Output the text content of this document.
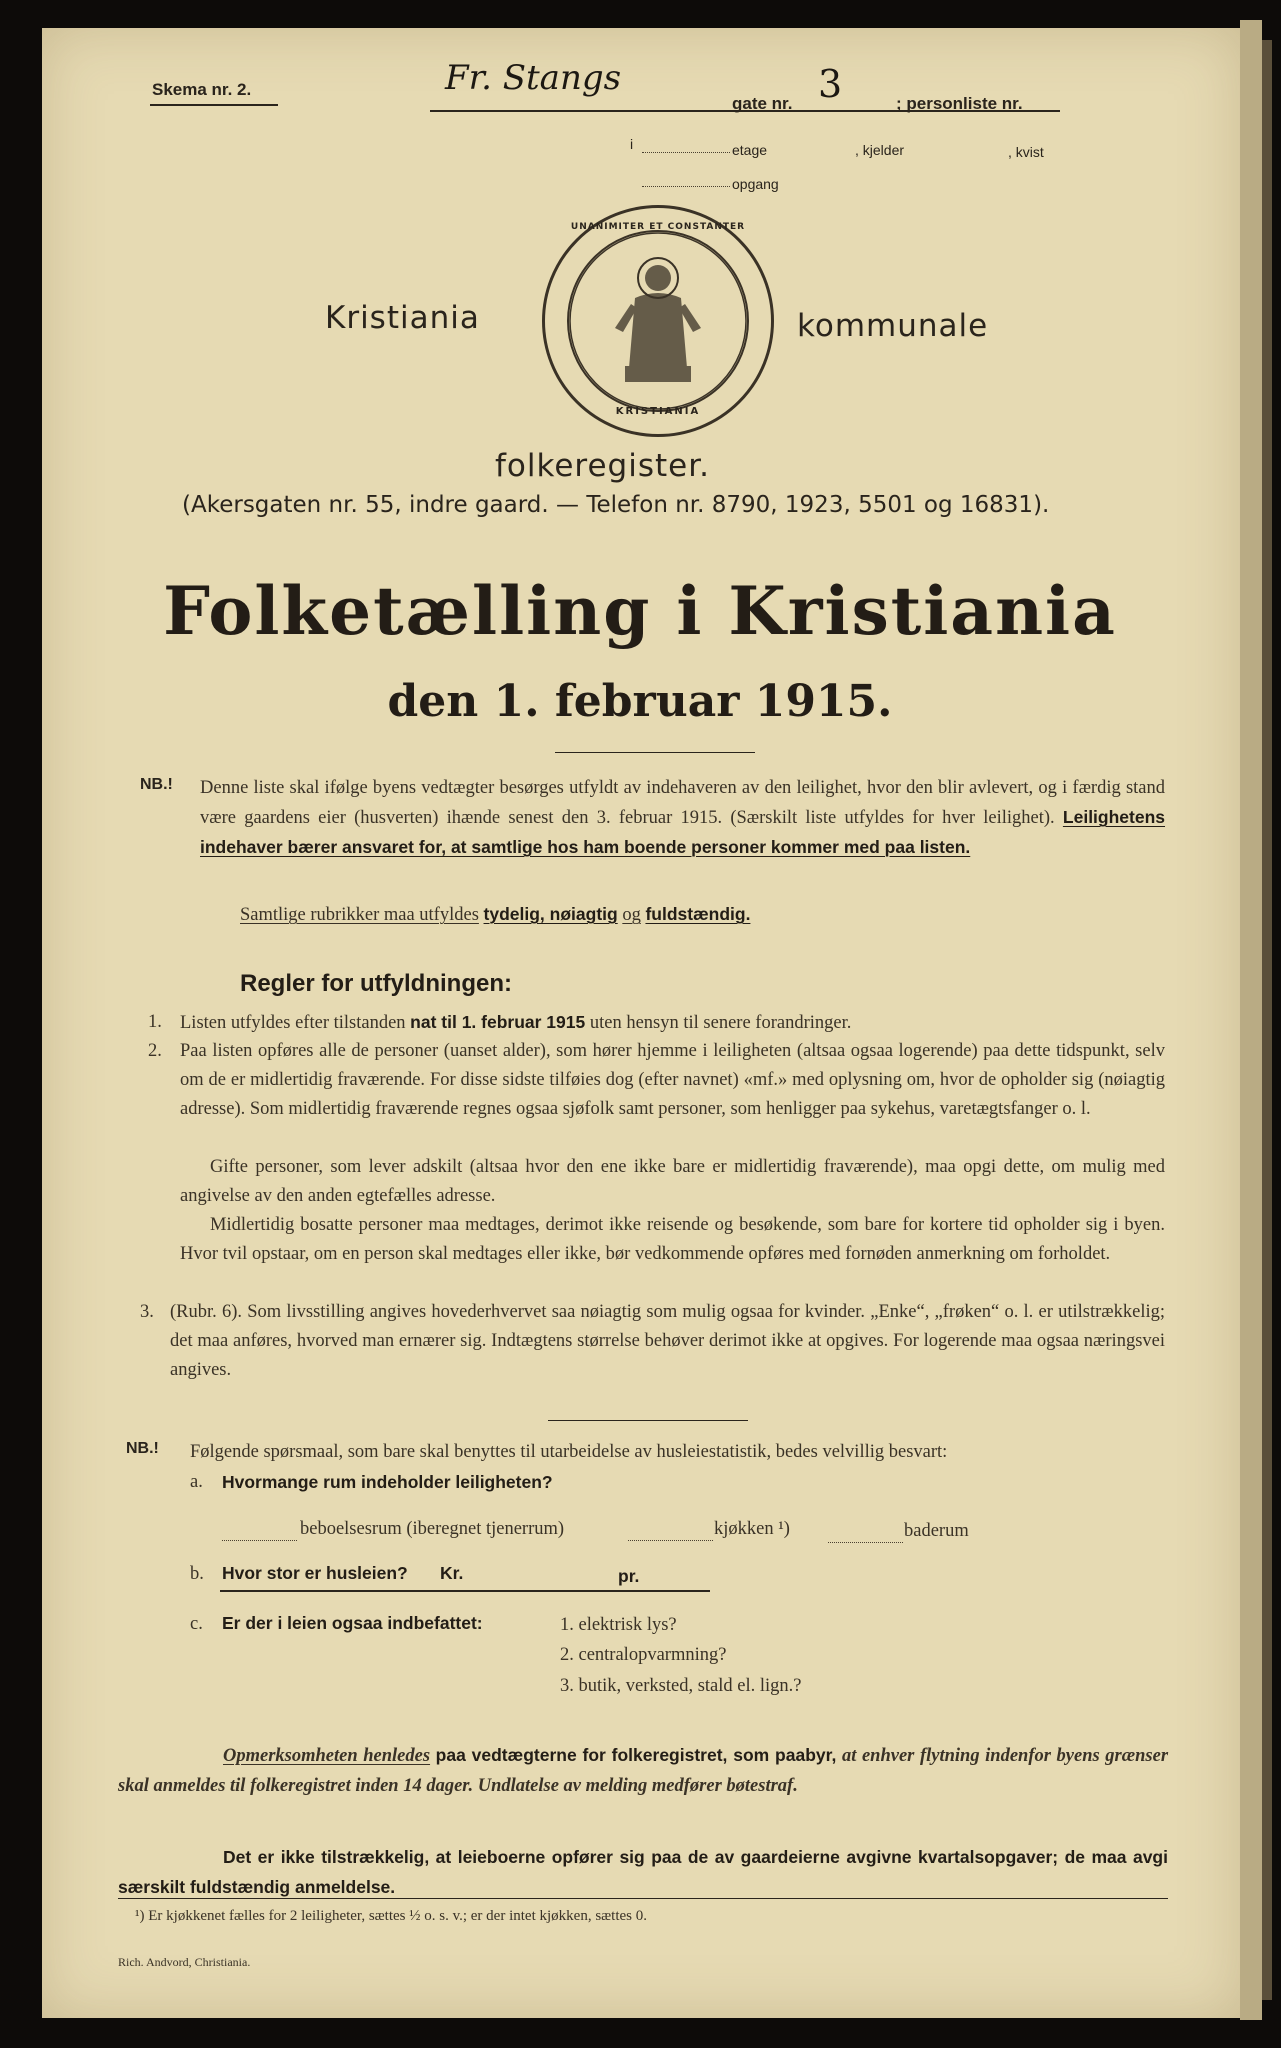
Skema nr. 2.	Fr. Stangs
gate nr. 3	; personliste nr.
i	etage	, kjelder	, kvist
opgang
Kristiania	kommunale
UNANIMITER ET CONSTANTER
KRISTIANIA
folkeregister.
(Akersgaten nr. 55, indre gaard. — Telefon nr. 8790, 1923, 5501 og 16831).
Folketælling i Kristiania
den 1. februar 1915.
NB.! Denne liste skal ifølge byens vedtægter besørges utfyldt av indehaveren av den leilighet, hvor den blir avlevert, og i færdig stand være gaardens eier (husverten) ihænde senest den 3. februar 1915. (Særskilt liste utfyldes for hver leilighet). Leilighetens indehaver bærer ansvaret for, at samtlige hos ham boende personer kommer med paa listen.
Samtlige rubrikker maa utfyldes tydelig, nøiagtig og fuldstændig.
Regler for utfyldningen:
1. Listen utfyldes efter tilstanden nat til 1. februar 1915 uten hensyn til senere forandringer.
2. Paa listen opføres alle de personer (uanset alder), som hører hjemme i leiligheten (altsaa ogsaa logerende) paa dette tidspunkt, selv om de er midlertidig fraværende. For disse sidste tilføies dog (efter navnet) «mf.» med oplysning om, hvor de opholder sig (nøiagtig adresse). Som midlertidig fraværende regnes ogsaa sjøfolk samt personer, som henligger paa sykehus, varetægtsfanger o. l.
Gifte personer, som lever adskilt (altsaa hvor den ene ikke bare er midlertidig fraværende), maa opgi dette, om mulig med angivelse av den anden egtefælles adresse.
Midlertidig bosatte personer maa medtages, derimot ikke reisende og besøkende, som bare for kortere tid opholder sig i byen. Hvor tvil opstaar, om en person skal medtages eller ikke, bør vedkommende opføres med fornøden anmerkning om forholdet.
3. (Rubr. 6). Som livsstilling angives hovederhvervet saa nøiagtig som mulig ogsaa for kvinder. „Enke“, „frøken“ o. l. er utilstrækkelig; det maa anføres, hvorved man ernærer sig. Indtægtens størrelse behøver derimot ikke at opgives. For logerende maa ogsaa næringsvei angives.
NB.! Følgende spørsmaal, som bare skal benyttes til utarbeidelse av husleiestatistik, bedes velvillig besvart:
a. Hvormange rum indeholder leiligheten?
beboelsesrum (iberegnet tjenerrum)	kjøkken ¹)	baderum
b. Hvor stor er husleien? Kr.	pr.
c. Er der i leien ogsaa indbefattet:	1. elektrisk lys?
2. centralopvarmning?
3. butik, verksted, stald el. lign.?
Opmerksomheten henledes paa vedtægterne for folkeregistret, som paabyr, at enhver flytning indenfor byens grænser skal anmeldes til folkeregistret inden 14 dager. Undlatelse av melding medfører bøtestraf.
Det er ikke tilstrækkelig, at leieboerne opfører sig paa de av gaardeierne avgivne kvartalsopgaver; de maa avgi særskilt fuldstændig anmeldelse.
¹) Er kjøkkenet fælles for 2 leiligheter, sættes ½ o. s. v.; er der intet kjøkken, sættes 0.
Rich. Andvord, Christiania.
